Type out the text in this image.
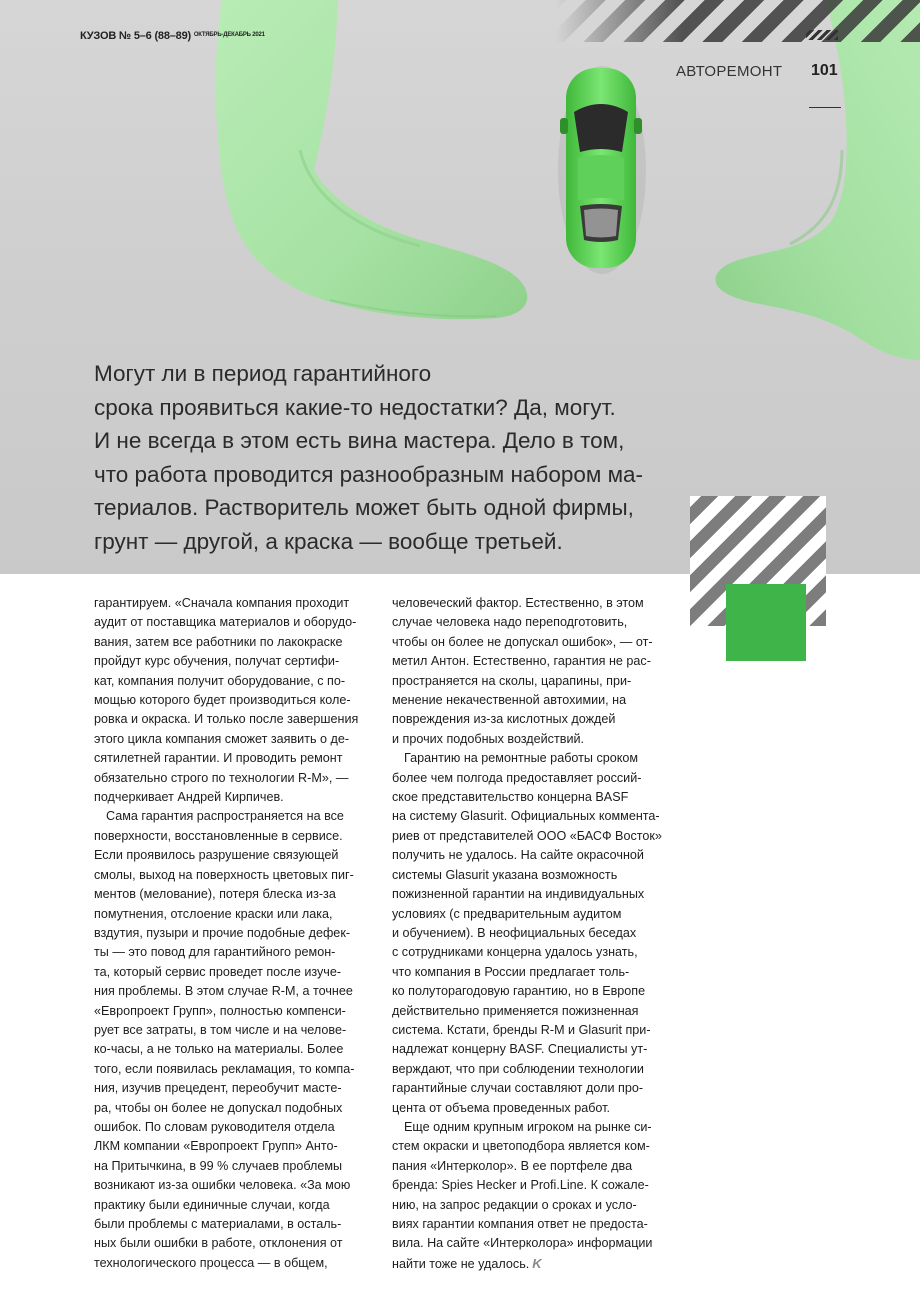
КУЗОВ № 5–6 (88–89) $^{ОКТЯБРЬ-ДЕКАБРЬ 2021}$
АВТОРЕМОНТ 101
Могут ли в период гарантийного
срока проявиться какие-то недостатки? Да, могут.
И не всегда в этом есть вина мастера. Дело в том,
что работа проводится разнообразным набором ма-
териалов. Растворитель может быть одной фирмы,
грунт — другой, а краска — вообще третьей.
гарантируем. «Сначала компания проходит
аудит от поставщика материалов и оборудо-
вания, затем все работники по лакокраске
пройдут курс обучения, получат сертифи-
кат, компания получит оборудование, с по-
мощью которого будет производиться коле-
ровка и окраска. И только после завершения
этого цикла компания сможет заявить о де-
сятилетней гарантии. И проводить ремонт
обязательно строго по технологии R-M», —
подчеркивает Андрей Кирпичев.
Сама гарантия распространяется на все
поверхности, восстановленные в сервисе.
Если проявилось разрушение связующей
смолы, выход на поверхность цветовых пиг-
ментов (мелование), потеря блеска из-за
помутнения, отслоение краски или лака,
вздутия, пузыри и прочие подобные дефек-
ты — это повод для гарантийного ремон-
та, который сервис проведет после изуче-
ния проблемы. В этом случае R-M, а точнее
«Европроект Групп», полностью компенси-
рует все затраты, в том числе и на челове-
ко-часы, а не только на материалы. Более
того, если появилась рекламация, то компа-
ния, изучив прецедент, переобучит масте-
ра, чтобы он более не допускал подобных
ошибок. По словам руководителя отдела
ЛКМ компании «Европроект Групп» Анто-
на Притычкина, в 99 % случаев проблемы
возникают из-за ошибки человека. «За мою
практику были единичные случаи, когда
были проблемы с материалами, в осталь-
ных были ошибки в работе, отклонения от
технологического процесса — в общем,
человеческий фактор. Естественно, в этом
случае человека надо переподготовить,
чтобы он более не допускал ошибок», — от-
метил Антон. Естественно, гарантия не рас-
пространяется на сколы, царапины, при-
менение некачественной автохимии, на
повреждения из-за кислотных дождей
и прочих подобных воздействий.
Гарантию на ремонтные работы сроком
более чем полгода предоставляет россий-
ское представительство концерна BASF
на систему Glasurit. Официальных коммента-
риев от представителей ООО «БАСФ Восток»
получить не удалось. На сайте окрасочной
системы Glasurit указана возможность
пожизненной гарантии на индивидуальных
условиях (с предварительным аудитом
и обучением). В неофициальных беседах
с сотрудниками концерна удалось узнать,
что компания в России предлагает толь-
ко полуторагодовую гарантию, но в Европе
действительно применяется пожизненная
система. Кстати, бренды R-M и Glasurit при-
надлежат концерну BASF. Специалисты ут-
верждают, что при соблюдении технологии
гарантийные случаи составляют доли про-
цента от объема проведенных работ.
Еще одним крупным игроком на рынке си-
стем окраски и цветоподбора является ком-
пания «Интерколор». В ее портфеле два
бренда: Spies Hecker и Profi.Line. К сожале-
нию, на запрос редакции о сроках и усло-
виях гарантии компания ответ не предоста-
вила. На сайте «Интерколора» информации
найти тоже не удалось. K
